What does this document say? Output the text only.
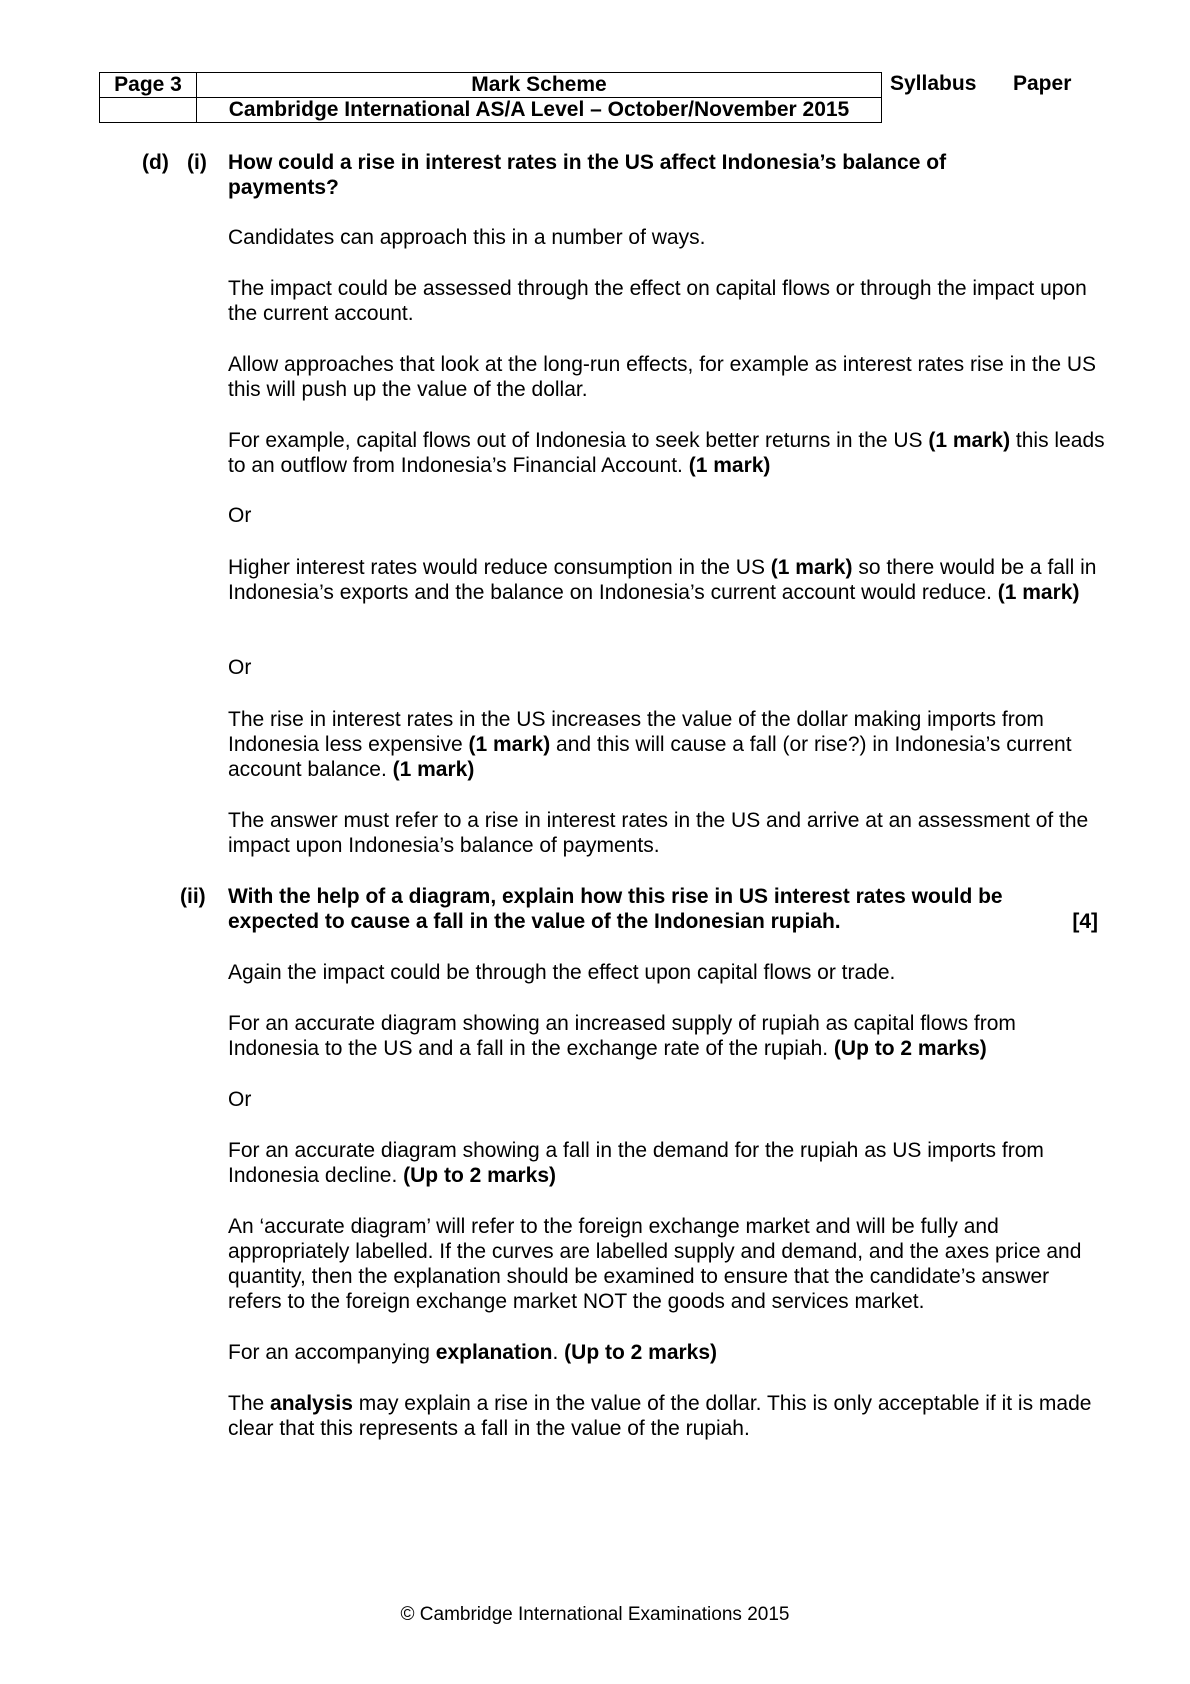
Page 3	Mark Scheme
	Cambridge International AS/A Level – October/November 2015
Syllabus Paper
(d) (i) How could a rise in interest rates in the US affect Indonesia’s balance of payments?

Candidates can approach this in a number of ways.

The impact could be assessed through the effect on capital flows or through the impact upon the current account.

Allow approaches that look at the long-run effects, for example as interest rates rise in the US this will push up the value of the dollar.

For example, capital flows out of Indonesia to seek better returns in the US (1 mark) this leads to an outflow from Indonesia’s Financial Account. (1 mark)

Or

Higher interest rates would reduce consumption in the US (1 mark) so there would be a fall in Indonesia’s exports and the balance on Indonesia’s current account would reduce. (1 mark)

Or

The rise in interest rates in the US increases the value of the dollar making imports from Indonesia less expensive (1 mark) and this will cause a fall (or rise?) in Indonesia’s current account balance. (1 mark)

The answer must refer to a rise in interest rates in the US and arrive at an assessment of the impact upon Indonesia’s balance of payments.

(ii) With the help of a diagram, explain how this rise in US interest rates would be
expected to cause a fall in the value of the Indonesian rupiah.	[4]

Again the impact could be through the effect upon capital flows or trade.

For an accurate diagram showing an increased supply of rupiah as capital flows from Indonesia to the US and a fall in the exchange rate of the rupiah. (Up to 2 marks)

Or

For an accurate diagram showing a fall in the demand for the rupiah as US imports from Indonesia decline. (Up to 2 marks)

An ‘accurate diagram’ will refer to the foreign exchange market and will be fully and appropriately labelled. If the curves are labelled supply and demand, and the axes price and quantity, then the explanation should be examined to ensure that the candidate’s answer refers to the foreign exchange market NOT the goods and services market.

For an accompanying explanation. (Up to 2 marks)

The analysis may explain a rise in the value of the dollar. This is only acceptable if it is made clear that this represents a fall in the value of the rupiah.

© Cambridge International Examinations 2015
